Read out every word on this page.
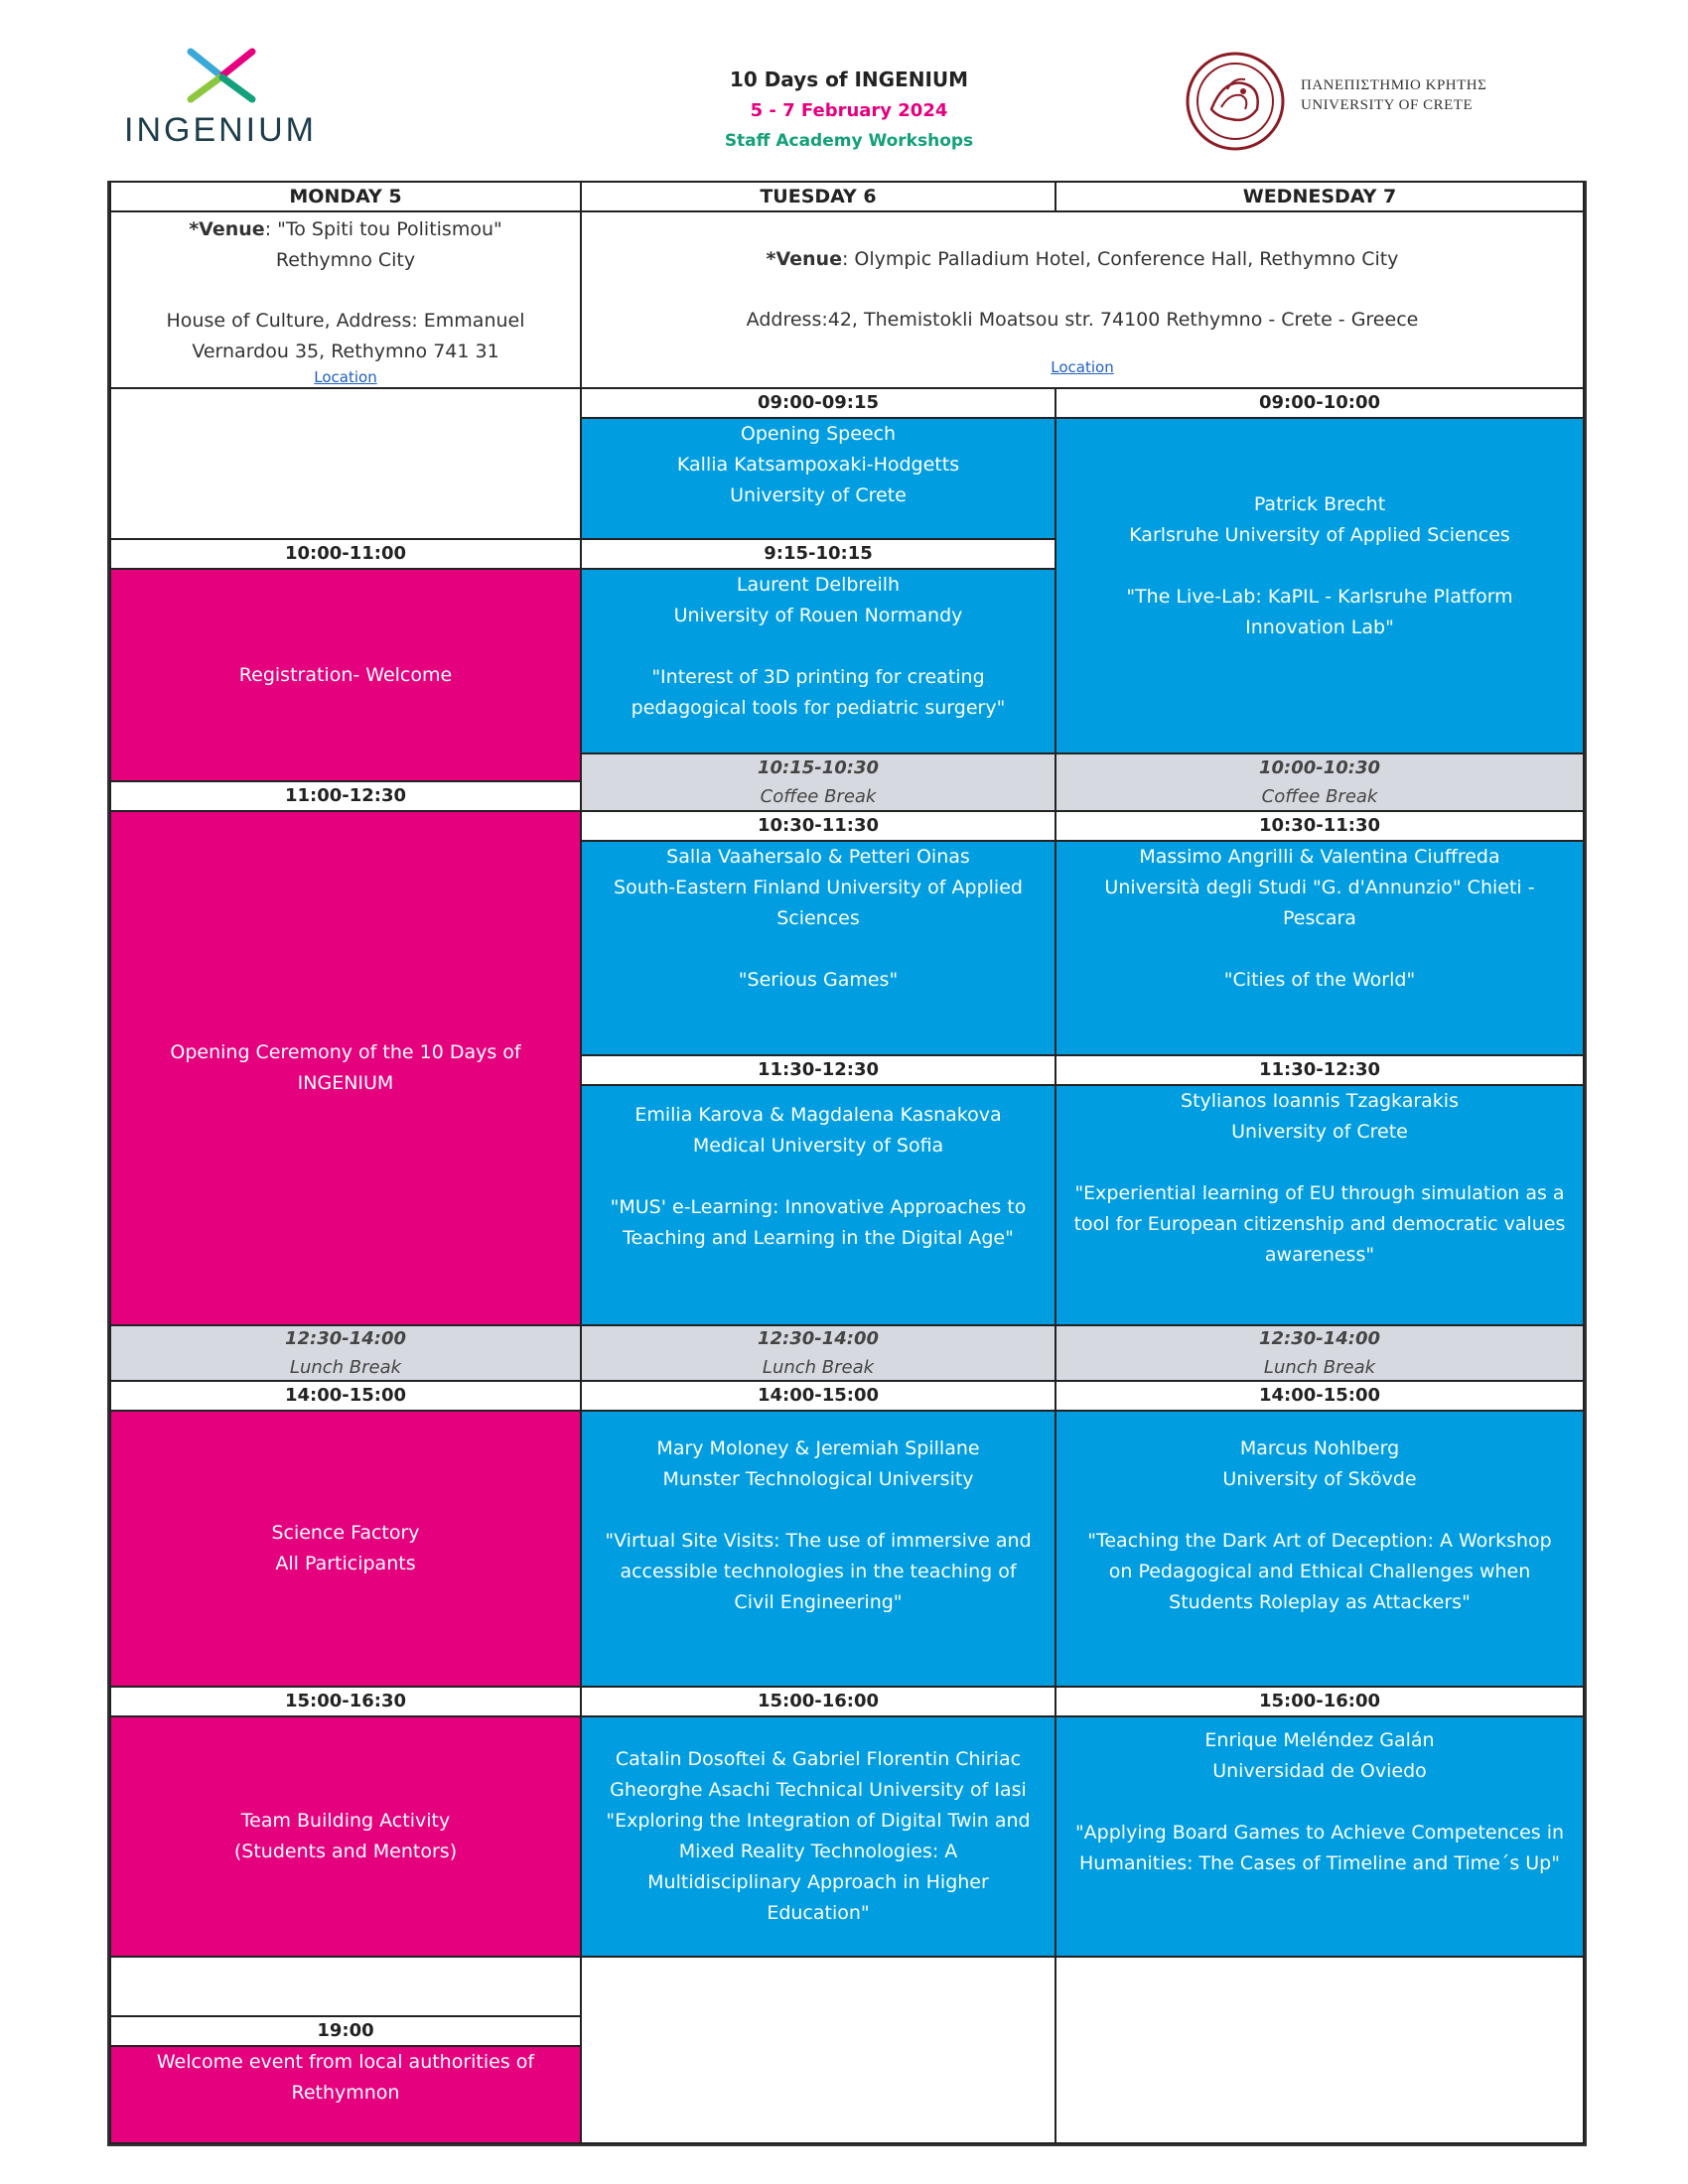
INGENIUM
10 Days of INGENIUM
5 - 7 February 2024
Staff Academy Workshops
ΠΑΝΕΠΙΣΤΗΜΙΟ ΚΡΗΤΗΣ
UNIVERSITY OF CRETE
MONDAY 5	TUESDAY 6	WEDNESDAY 7

*Venue: "To Spiti tou Politismou"

Rethymno City

House of Culture, Address: Emmanuel
Vernardou 35, Rethymno 741 31

Location

*Venue: Olympic Palladium Hotel, Conference Hall, Rethymno City

Address:42, Themistokli Moatsou str. 74100 Rethymno - Crete - Greece

Location

10:00-11:00

Registration- Welcome

11:00-12:30

Opening Ceremony of the 10 Days of
INGENIUM

12:30-14:00

Lunch Break

14:00-15:00

Science Factory
All Participants

15:00-16:30

Team Building Activity
(Students and Mentors)

19:00

Welcome event from local authorities of
Rethymnon

09:00-09:15

Opening Speech
Kallia Katsampoxaki-Hodgetts
University of Crete

9:15-10:15

Laurent Delbreilh
University of Rouen Normandy

"Interest of 3D printing for creating
pedagogical tools for pediatric surgery"

10:15-10:30

Coffee Break

10:30-11:30

Salla Vaahersalo & Petteri Oinas
South-Eastern Finland University of Applied
Sciences

"Serious Games"

11:30-12:30

Emilia Karova & Magdalena Kasnakova
Medical University of Sofia

"MUS' e-Learning: Innovative Approaches to
Teaching and Learning in the Digital Age"

12:30-14:00

Lunch Break

14:00-15:00

Mary Moloney & Jeremiah Spillane
Munster Technological University

"Virtual Site Visits: The use of immersive and
accessible technologies in the teaching of
Civil Engineering"

15:00-16:00

Catalin Dosoftei & Gabriel Florentin Chiriac
Gheorghe Asachi Technical University of Iasi
"Exploring the Integration of Digital Twin and
Mixed Reality Technologies: A
Multidisciplinary Approach in Higher
Education"

09:00-10:00

Patrick Brecht
Karlsruhe University of Applied Sciences

"The Live-Lab: KaPIL - Karlsruhe Platform
Innovation Lab"

10:00-10:30

Coffee Break

10:30-11:30

Massimo Angrilli & Valentina Ciuffreda
Università degli Studi "G. d'Annunzio" Chieti -
Pescara

"Cities of the World"

11:30-12:30

Stylianos Ioannis Tzagkarakis
University of Crete

"Experiential learning of EU through simulation as a
tool for European citizenship and democratic values
awareness"

12:30-14:00

Lunch Break

14:00-15:00

Marcus Nohlberg
University of Skövde

"Teaching the Dark Art of Deception: A Workshop
on Pedagogical and Ethical Challenges when
Students Roleplay as Attackers"

15:00-16:00

Enrique Meléndez Galán
Universidad de Oviedo

"Applying Board Games to Achieve Competences in
Humanities: The Cases of Timeline and Time´s Up"
